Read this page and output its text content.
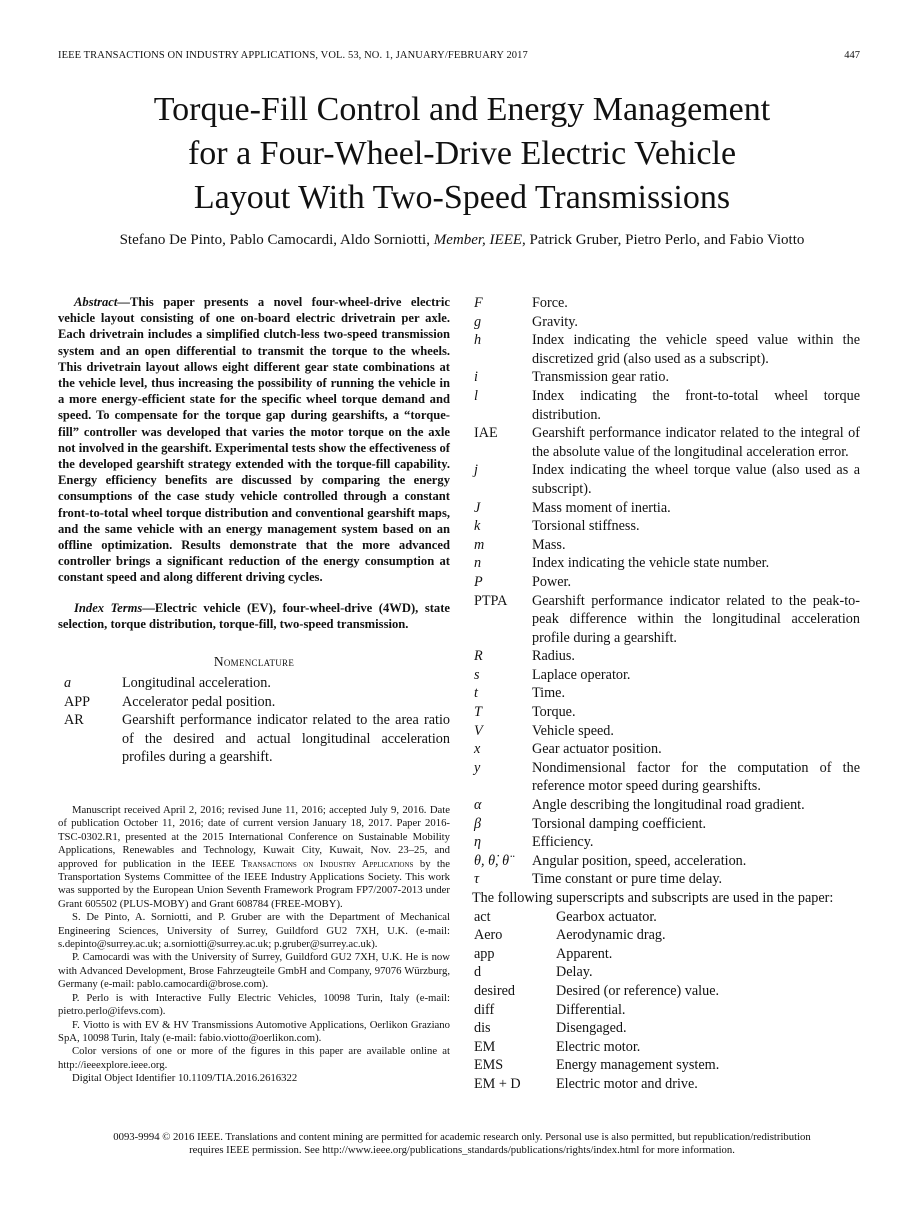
IEEE TRANSACTIONS ON INDUSTRY APPLICATIONS, VOL. 53, NO. 1, JANUARY/FEBRUARY 2017	447
Torque-Fill Control and Energy Management
for a Four-Wheel-Drive Electric Vehicle
Layout With Two-Speed Transmissions
Stefano De Pinto, Pablo Camocardi, Aldo Sorniotti, Member, IEEE, Patrick Gruber, Pietro Perlo, and Fabio Viotto

Abstract—This paper presents a novel four-wheel-drive electric vehicle layout consisting of one on-board electric drivetrain per axle. Each drivetrain includes a simplified clutch-less two-speed transmission system and an open differential to transmit the torque to the wheels. This drivetrain layout allows eight different gear state combinations at the vehicle level, thus increasing the possibility of running the vehicle in a more energy-efficient state for the specific wheel torque demand and speed. To compensate for the torque gap during gearshifts, a “torque-fill” controller was developed that varies the motor torque on the axle not involved in the gearshift. Experimental tests show the effectiveness of the developed gearshift strategy extended with the torque-fill capability. Energy efficiency benefits are discussed by comparing the energy consumptions of the case study vehicle controlled through a constant front-to-total wheel torque distribution and conventional gearshift maps, and the same vehicle with an energy management system based on an offline optimization. Results demonstrate that the more advanced controller brings a significant reduction of the energy consumption at constant speed and along different driving cycles.

Index Terms—Electric vehicle (EV), four-wheel-drive (4WD), state selection, torque distribution, torque-fill, two-speed transmission.

Nomenclature
a	Longitudinal acceleration.
APP	Accelerator pedal position.
AR	Gearshift performance indicator related to the area ratio of the desired and actual longitudinal acceleration profiles during a gearshift.

Manuscript received April 2, 2016; revised June 11, 2016; accepted July 9, 2016. Date of publication October 11, 2016; date of current version January 18, 2017. Paper 2016-TSC-0302.R1, presented at the 2015 International Conference on Sustainable Mobility Applications, Renewables and Technology, Kuwait City, Kuwait, Nov. 23–25, and approved for publication in the IEEE Transactions on Industry Applications by the Transportation Systems Committee of the IEEE Industry Applications Society. This work was supported by the European Union Seventh Framework Program FP7/2007-2013 under Grant 605502 (PLUS-MOBY) and Grant 608784 (FREE-MOBY).

S. De Pinto, A. Sorniotti, and P. Gruber are with the Department of Mechanical Engineering Sciences, University of Surrey, Guildford GU2 7XH, U.K. (e-mail: s.depinto@surrey.ac.uk; a.sorniotti@surrey.ac.uk; p.gruber@surrey.ac.uk).

P. Camocardi was with the University of Surrey, Guildford GU2 7XH, U.K. He is now with Advanced Development, Brose Fahrzeugteile GmbH and Company, 97076 Würzburg, Germany (e-mail: pablo.camocardi@brose.com).

P. Perlo is with Interactive Fully Electric Vehicles, 10098 Turin, Italy (e-mail: pietro.perlo@ifevs.com).

F. Viotto is with EV & HV Transmissions Automotive Applications, Oerlikon Graziano SpA, 10098 Turin, Italy (e-mail: fabio.viotto@oerlikon.com).

Color versions of one or more of the figures in this paper are available online at http://ieeexplore.ieee.org.

Digital Object Identifier 10.1109/TIA.2016.2616322

F	Force.
g	Gravity.
h	Index indicating the vehicle speed value within the discretized grid (also used as a subscript).
i	Transmission gear ratio.
l	Index indicating the front-to-total wheel torque distribution.
IAE	Gearshift performance indicator related to the integral of the absolute value of the longitudinal acceleration error.
j	Index indicating the wheel torque value (also used as a subscript).
J	Mass moment of inertia.
k	Torsional stiffness.
m	Mass.
n	Index indicating the vehicle state number.
P	Power.
PTPA	Gearshift performance indicator related to the peak-to-peak difference within the longitudinal acceleration profile during a gearshift.
R	Radius.
s	Laplace operator.
t	Time.
T	Torque.
V	Vehicle speed.
x	Gear actuator position.
y	Nondimensional factor for the computation of the reference motor speed during gearshifts.
α	Angle describing the longitudinal road gradient.
β	Torsional damping coefficient.
η	Efficiency.
θ, θ̇, θ̈	Angular position, speed, acceleration.
τ	Time constant or pure time delay.

The following superscripts and subscripts are used in the paper:

act	Gearbox actuator.
Aero	Aerodynamic drag.
app	Apparent.
d	Delay.
desired	Desired (or reference) value.
diff	Differential.
dis	Disengaged.
EM	Electric motor.
EMS	Energy management system.
EM + D	Electric motor and drive.
0093-9994 © 2016 IEEE. Translations and content mining are permitted for academic research only. Personal use is also permitted, but republication/redistribution
requires IEEE permission. See http://www.ieee.org/publications_standards/publications/rights/index.html for more information.
